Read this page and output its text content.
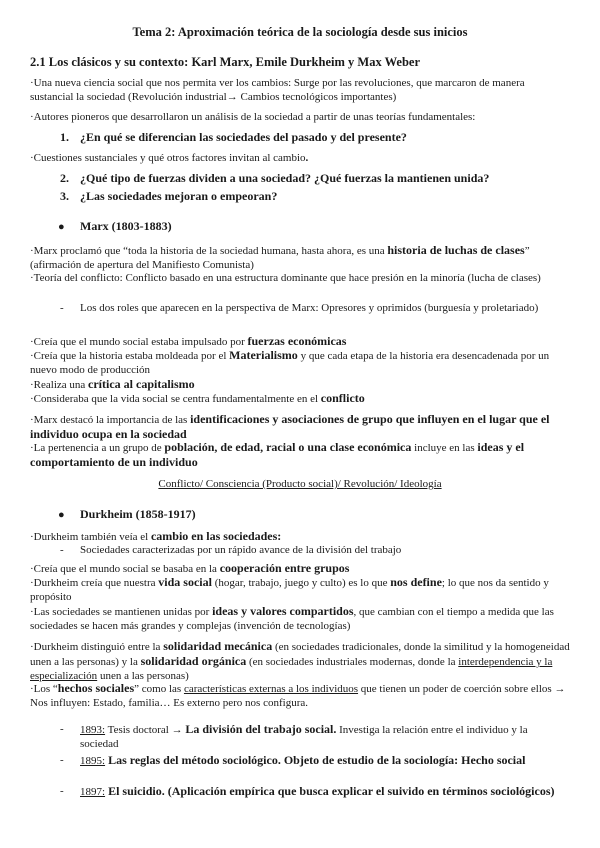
Tema 2: Aproximación teórica de la sociología desde sus inicios
2.1 Los clásicos y su contexto: Karl Marx, Emile Durkheim y Max Weber
·Una nueva ciencia social que nos permita ver los cambios: Surge por las revoluciones, que marcaron de manera sustancial la sociedad (Revolución industrial→ Cambios tecnológicos importantes)
·Autores pioneros que desarrollaron un análisis de la sociedad a partir de unas teorías fundamentales:
1. ¿En qué se diferencian las sociedades del pasado y del presente?
·Cuestiones sustanciales y qué otros factores invitan al cambio.
2. ¿Qué tipo de fuerzas dividen a una sociedad? ¿Qué fuerzas la mantienen unida?
3. ¿Las sociedades mejoran o empeoran?
● Marx (1803-1883)
·Marx proclamó que “toda la historia de la sociedad humana, hasta ahora, es una historia de luchas de clases” (afirmación de apertura del Manifiesto Comunista)
·Teoría del conflicto: Conflicto basado en una estructura dominante que hace presión en la minoría (lucha de clases)
- Los dos roles que aparecen en la perspectiva de Marx: Opresores y oprimidos (burguesía y proletariado)
·Creía que el mundo social estaba impulsado por fuerzas económicas
·Creía que la historia estaba moldeada por el Materialismo y que cada etapa de la historia era desencadenada por un nuevo modo de producción
·Realiza una crítica al capitalismo
·Consideraba que la vida social se centra fundamentalmente en el conflicto
·Marx destacó la importancia de las identificaciones y asociaciones de grupo que influyen en el lugar que el individuo ocupa en la sociedad
·La pertenencia a un grupo de población, de edad, racial o una clase económica incluye en las ideas y el comportamiento de un individuo
Conflicto/ Consciencia (Producto social)/ Revolución/ Ideología
● Durkheim (1858-1917)
·Durkheim también veía el cambio en las sociedades:
- Sociedades caracterizadas por un rápido avance de la división del trabajo
·Creía que el mundo social se basaba en la cooperación entre grupos
·Durkheim creía que nuestra vida social (hogar, trabajo, juego y culto) es lo que nos define; lo que nos da sentido y propósito
·Las sociedades se mantienen unidas por ideas y valores compartidos, que cambian con el tiempo a medida que las sociedades se hacen más grandes y complejas (invención de tecnologías)
·Durkheim distinguió entre la solidaridad mecánica (en sociedades tradicionales, donde la similitud y la homogeneidad unen a las personas) y la solidaridad orgánica (en sociedades industriales modernas, donde la interdependencia y la especialización unen a las personas)
·Los “hechos sociales” como las características externas a los individuos que tienen un poder de coerción sobre ellos → Nos influyen: Estado, familia… Es externo pero nos configura.
- 1893: Tesis doctoral → La división del trabajo social. Investiga la relación entre el individuo y la sociedad
- 1895: Las reglas del método sociológico. Objeto de estudio de la sociología: Hecho social
- 1897: El suicidio. (Aplicación empírica que busca explicar el suivido en términos sociológicos)
